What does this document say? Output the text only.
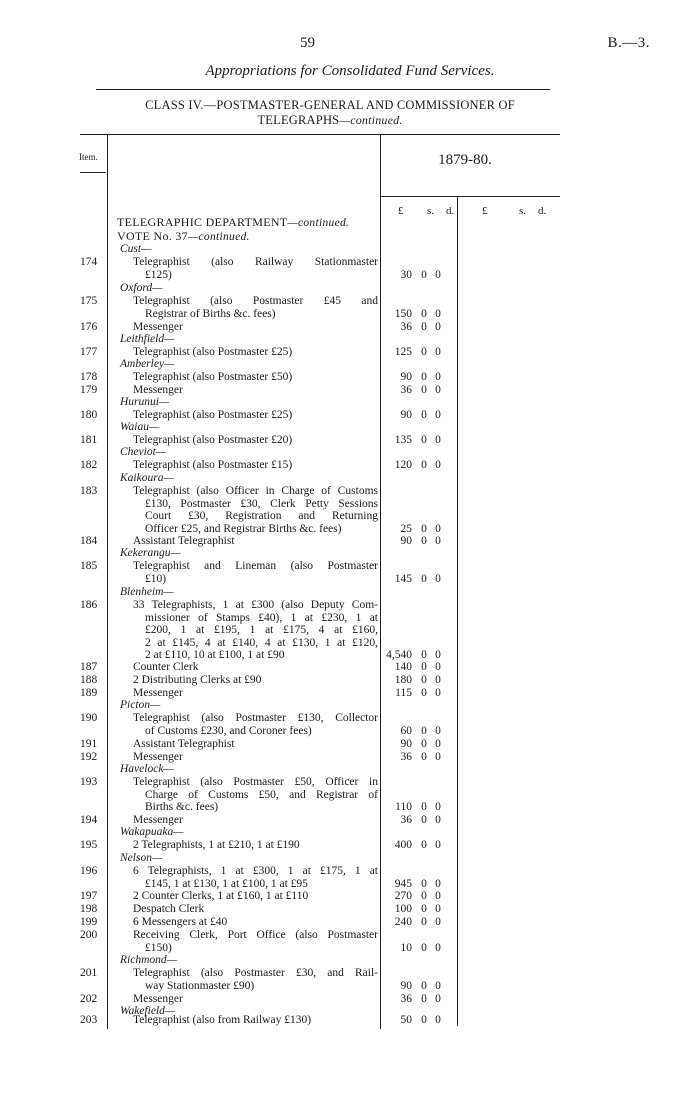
59	B.—3.
Appropriations for Consolidated Fund Services.
CLASS IV.—POSTMASTER-GENERAL AND COMMISSIONER OF
TELEGRAPHS—continued.
Item.	1879-80.
£ s. d.	£	s. d.
TELEGRAPHIC DEPARTMENT—continued.
VOTE No. 37—continued.
Cust—
174	Telegraphist (also Railway Stationmaster
£125)	30 0 0
Oxford—
175	Telegraphist (also Postmaster £45 and
Registrar of Births &c. fees)	150 0 0
176	Messenger	36 0 0
Leithfield—
177	Telegraphist (also Postmaster £25)	125 0 0
Amberley—
178	Telegraphist (also Postmaster £50)	90 0 0
179	Messenger	36 0 0
Hurunui—
180	Telegraphist (also Postmaster £25)	90 0 0
Waiau—
181	Telegraphist (also Postmaster £20)	135 0 0
Cheviot—
182	Telegraphist (also Postmaster £15)	120 0 0
Kaikoura—
183	Telegraphist (also Officer in Charge of Customs
£130, Postmaster £30, Clerk Petty Sessions
Court £30, Registration and Returning
Officer £25, and Registrar Births &c. fees)	25 0 0
184	Assistant Telegraphist	90 0 0
Kekerangu—
185	Telegraphist and Lineman (also Postmaster
£10)	145 0 0
Blenheim—
186	33 Telegraphists, 1 at £300 (also Deputy Com-
missioner of Stamps £40), 1 at £230, 1 at
£200, 1 at £195, 1 at £175, 4 at £160,
2 at £145, 4 at £140, 4 at £130, 1 at £120,
2 at £110, 10 at £100, 1 at £90	4,540 0 0
187	Counter Clerk	140 0 0
188	2 Distributing Clerks at £90	180 0 0
189	Messenger	115 0 0
Picton—
190	Telegraphist (also Postmaster £130, Collector
of Customs £230, and Coroner fees)	60 0 0
191	Assistant Telegraphist	90 0 0
192	Messenger	36 0 0
Havelock—
193	Telegraphist (also Postmaster £50, Officer in
Charge of Customs £50, and Registrar of
Births &c. fees)	110 0 0
194	Messenger	36 0 0
Wakapuaka—
195	2 Telegraphists, 1 at £210, 1 at £190	400 0 0
Nelson—
196	6 Telegraphists, 1 at £300, 1 at £175, 1 at
£145, 1 at £130, 1 at £100, 1 at £95	945 0 0
197	2 Counter Clerks, 1 at £160, 1 at £110	270 0 0
198	Despatch Clerk	100 0 0
199	6 Messengers at £40	240 0 0
200	Receiving Clerk, Port Office (also Postmaster
£150)	10 0 0
Richmond—
201	Telegraphist (also Postmaster £30, and Rail-
way Stationmaster £90)	90 0 0
202	Messenger	36 0 0
Wakefield—
203	Telegraphist (also from Railway £130)	50 0 0
